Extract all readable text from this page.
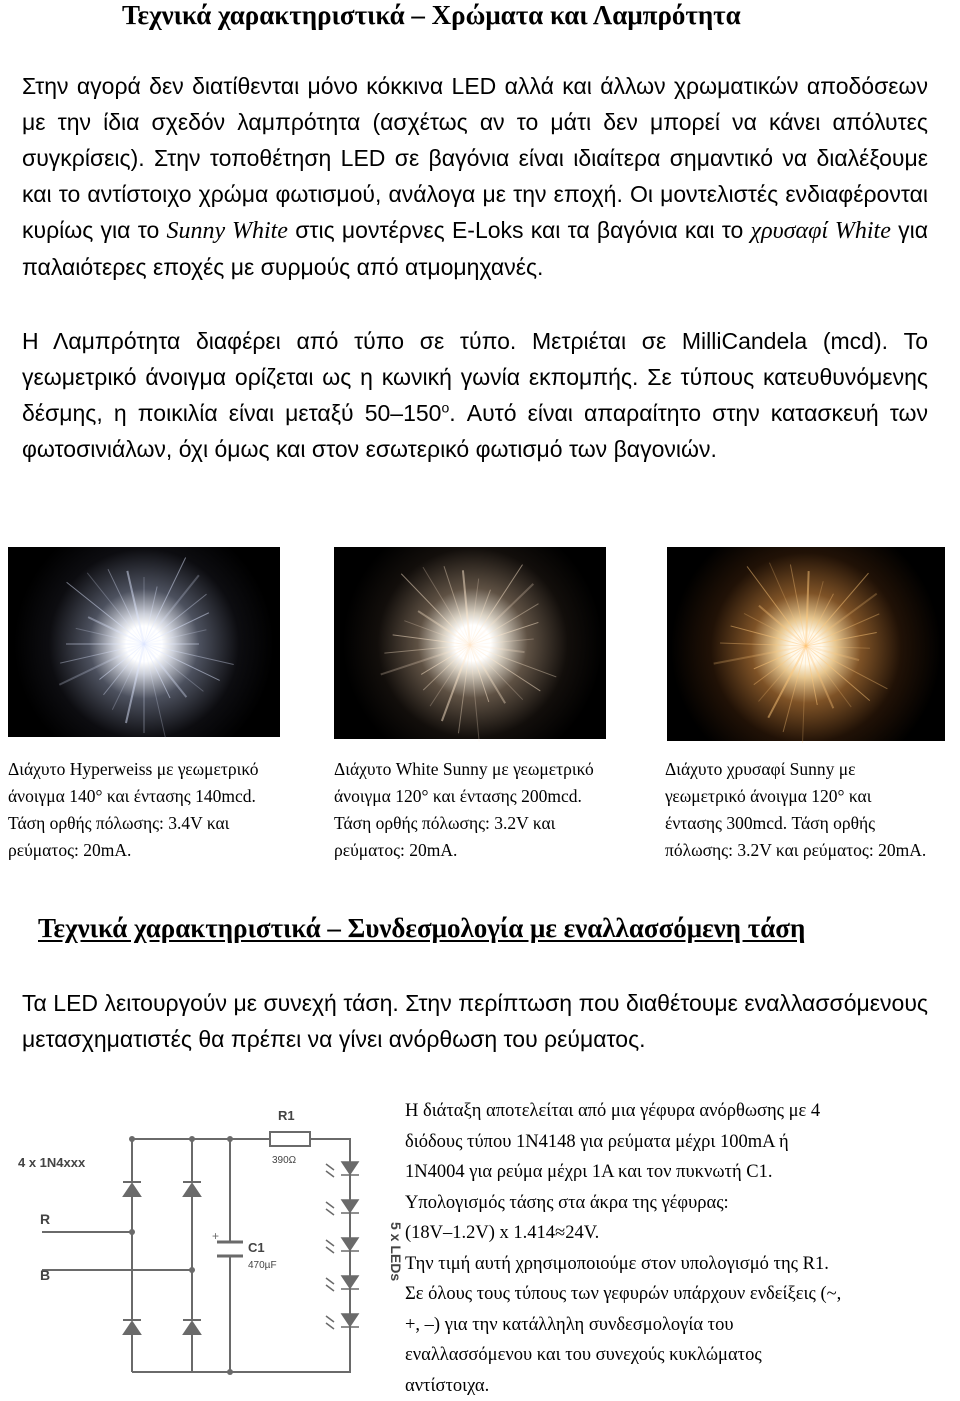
Τεχνικά χαρακτηριστικά – Χρώματα και Λαμπρότητα
Στην αγορά δεν διατίθενται μόνο κόκκινα LED αλλά και άλλων χρωματικών αποδόσεων με την ίδια σχεδόν λαμπρότητα (ασχέτως αν το μάτι δεν μπορεί να κάνει απόλυτες συγκρίσεις). Στην τοποθέτηση LED σε βαγόνια είναι ιδιαίτερα σημαντικό να διαλέξουμε και το αντίστοιχο χρώμα φωτισμού, ανάλογα με την εποχή. Οι μοντελιστές ενδιαφέρονται κυρίως για το Sunny White στις μοντέρνες E-Loks και τα βαγόνια και το χρυσαφί White για παλαιότερες εποχές με συρμούς από ατμομηχανές.
Η Λαμπρότητα διαφέρει από τύπο σε τύπο. Μετριέται σε MilliCandela (mcd). Το γεωμετρικό άνοιγμα ορίζεται ως η κωνική γωνία εκπομπής. Σε τύπους κατευθυνόμενης δέσμης, η ποικιλία είναι μεταξύ 50–150$^o$. Αυτό είναι απαραίτητο στην κατασκευή των φωτοσινιάλων, όχι όμως και στον εσωτερικό φωτισμό των βαγονιών.
Διάχυτο Hyperweiss με γεωμετρικό
άνοιγμα 140° και έντασης 140mcd.
Τάση ορθής πόλωσης: 3.4V και
ρεύματος: 20mA.
Διάχυτο White Sunny με γεωμετρικό
άνοιγμα 120° και έντασης 200mcd.
Τάση ορθής πόλωσης: 3.2V και
ρεύματος: 20mA.
Διάχυτο χρυσαφί Sunny με
γεωμετρικό άνοιγμα 120° και
έντασης 300mcd. Τάση ορθής
πόλωσης: 3.2V και ρεύματος: 20mA.
Τεχνικά χαρακτηριστικά – Συνδεσμολογία με εναλλασσόμενη τάση
Τα LED λειτουργούν με συνεχή τάση. Στην περίπτωση που διαθέτουμε εναλλασσόμενους μετασχηματιστές θα πρέπει να γίνει ανόρθωση του ρεύματος.
+
4 x 1N4xxx
R1
390Ω
C1
470µF
R
B	5 x LEDs
Η διάταξη αποτελείται από μια γέφυρα ανόρθωσης με 4
διόδους τύπου 1N4148 για ρεύματα μέχρι 100mA ή
1N4004 για ρεύμα μέχρι 1A και τον πυκνωτή C1.
Υπολογισμός τάσης στα άκρα της γέφυρας:
(18V–1.2V) x 1.414≈24V.
Την τιμή αυτή χρησιμοποιούμε στον υπολογισμό της R1.
Σε όλους τους τύπους των γεφυρών υπάρχουν ενδείξεις (~,
+, –) για την κατάλληλη συνδεσμολογία του
εναλλασσόμενου και του συνεχούς κυκλώματος
αντίστοιχα.
